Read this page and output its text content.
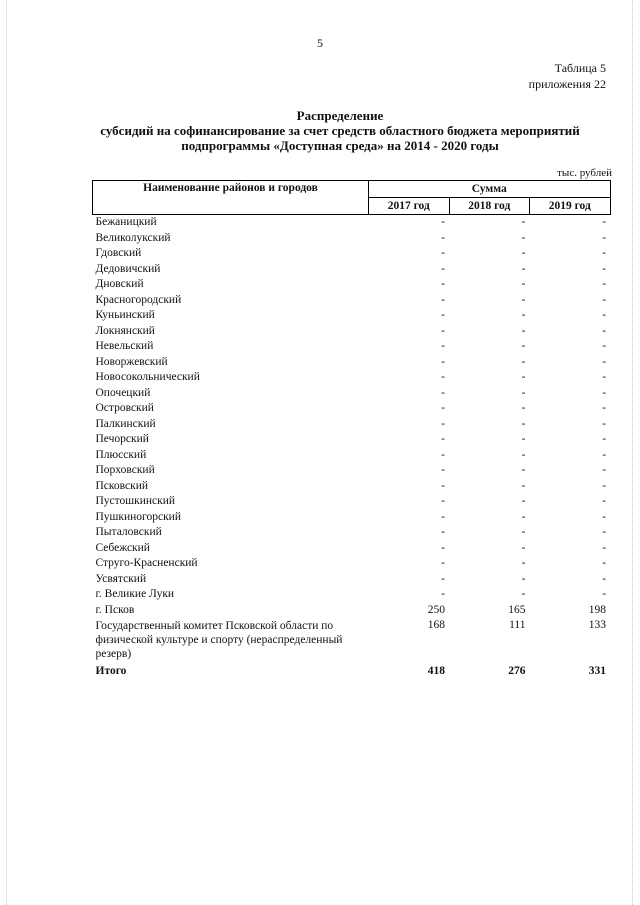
5
Таблица 5
приложения 22
Распределение
субсидий на софинансирование за счет средств областного бюджета мероприятий
подпрограммы «Доступная среда» на 2014 - 2020 годы
тыс. рублей
Наименование районов и городов	Сумма		
	2017 год	2018 год	2019 год
Бежаницкий	-	-	-
Великолукский	-	-	-
Гдовский	-	-	-
Дедовичский	-	-	-
Дновский	-	-	-
Красногородский	-	-	-
Куньинский	-	-	-
Локнянский	-	-	-
Невельский	-	-	-
Новоржевский	-	-	-
Новосокольнический	-	-	-
Опочецкий	-	-	-
Островский	-	-	-
Палкинский	-	-	-
Печорский	-	-	-
Плюсский	-	-	-
Порховский	-	-	-
Псковский	-	-	-
Пустошкинский	-	-	-
Пушкиногорский	-	-	-
Пыталовский	-	-	-
Себежский	-	-	-
Струго-Красненский	-	-	-
Усвятский	-	-	-
г. Великие Луки	-	-	-
г. Псков	250	165	198
Государственный комитет Псковской области по физической культуре и спорту (нераспределенный резерв)	168	111	133
Итого	418	276	331
